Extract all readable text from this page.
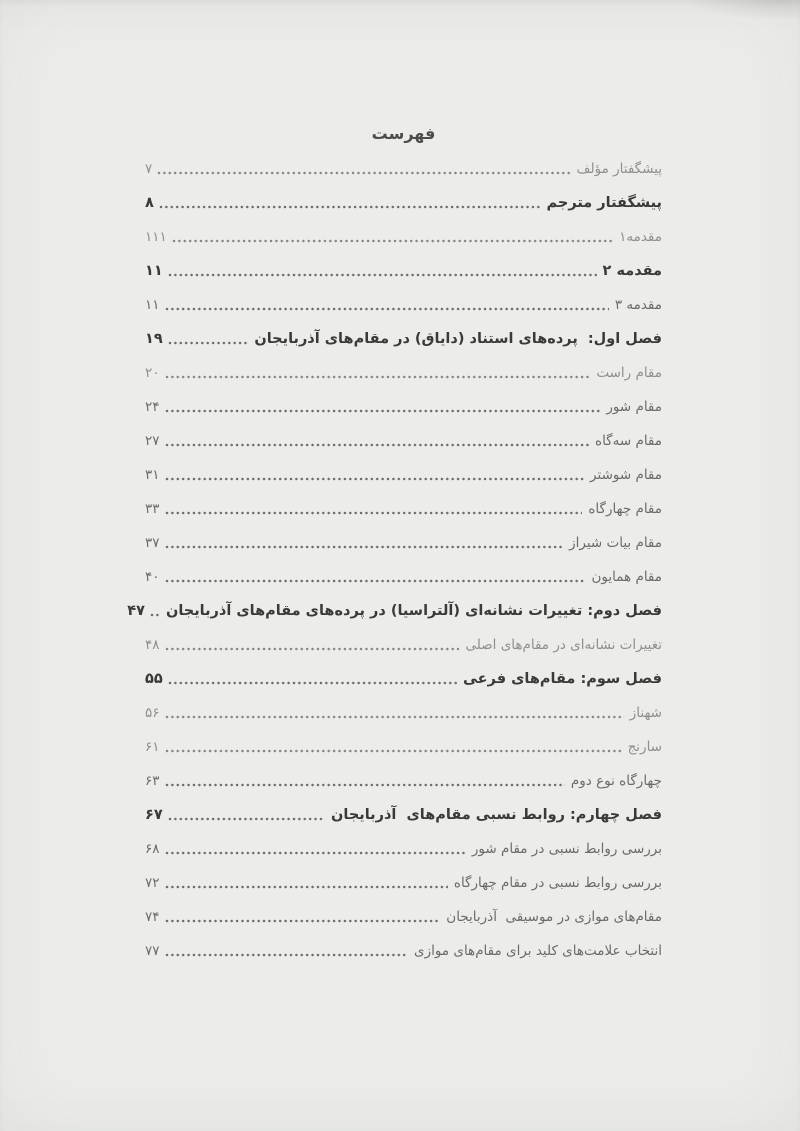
فهرست
پیشگفتار مؤلف
۷
پیشگفتار مترجم
۸
مقدمه۱
۱۱۱
مقدمه ۲
۱۱
مقدمه ۳
۱۱
فصل اول:  پرده‌های استناد (دایاق) در مقام‌های آذربایجان
۱۹
مقام راست
۲۰
مقام شور
۲۴
مقام سه‌گاه
۲۷
مقام شوشتر
۳۱
مقام چهارگاه
۳۳
مقام بیات شیراز
۳۷
مقام همایون
۴۰
فصل دوم: تغییرات نشانه‌ای (آلتراسیا) در پرده‌های مقام‌های آذربایجان
۴۷
تغییرات نشانه‌ای در مقام‌های اصلی
۴۸
فصل سوم: مقام‌های فرعی
۵۵
شهناز
۵۶
سارنج
۶۱
چهارگاه نوع دوم
۶۳
فصل چهارم: روابط نسبی مقام‌های  آذربایجان
۶۷
بررسی روابط نسبی در مقام شور
۶۸
بررسی روابط نسبی در مقام چهارگاه
۷۲
مقام‌های موازی در موسیقی  آذربایجان
۷۴
انتخاب علامت‌های کلید برای مقام‌های موازی
۷۷
